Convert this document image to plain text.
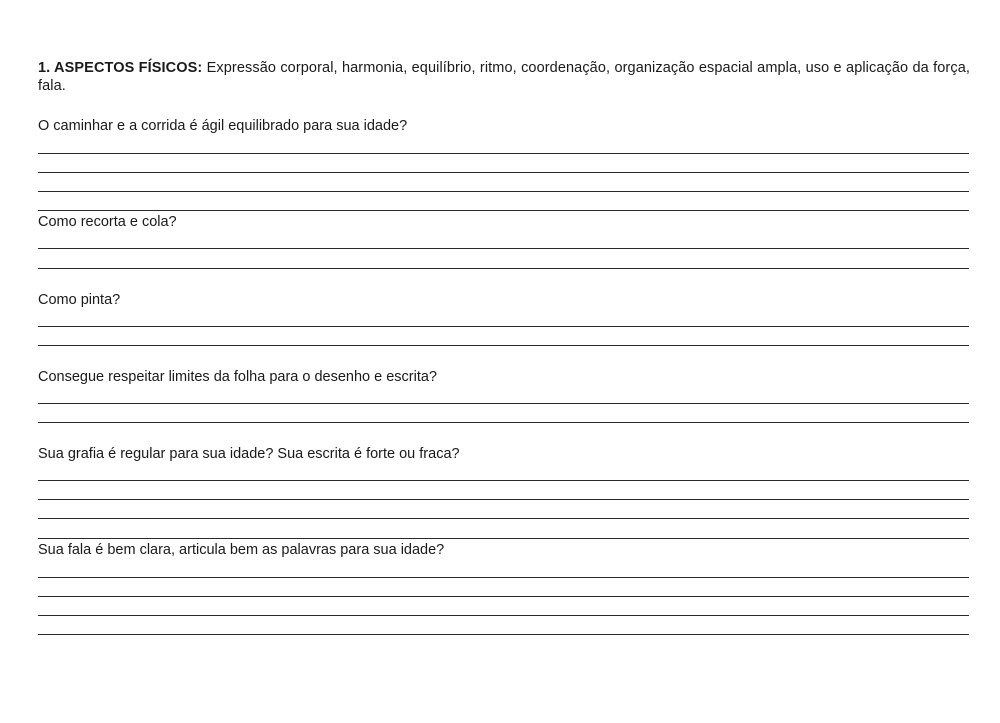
1. ASPECTOS FÍSICOS: Expressão corporal, harmonia, equilíbrio, ritmo, coordenação, organização espacial ampla, uso e aplicação da força, fala.
O caminhar e a corrida é ágil equilibrado para sua idade?
Como recorta e cola?
Como pinta?
Consegue respeitar limites da folha para o desenho e escrita?
Sua grafia é regular para sua idade? Sua escrita é forte ou fraca?
Sua fala é bem clara, articula bem as palavras para sua idade?
